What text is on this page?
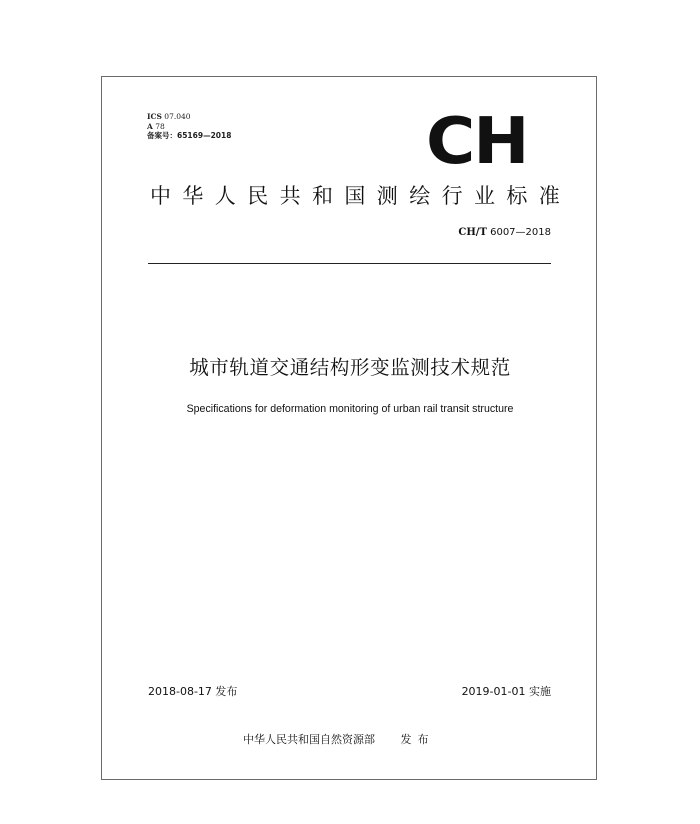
ICS 07.040
A 78
备案号：65169—2018	CH
中华人民共和国测绘行业标准
CH/T 6007—2018
城市轨道交通结构形变监测技术规范
Specifications for deformation monitoring of urban rail transit structure
2018-08-17 发布	2019-01-01 实施
中华人民共和国自然资源部 发布
